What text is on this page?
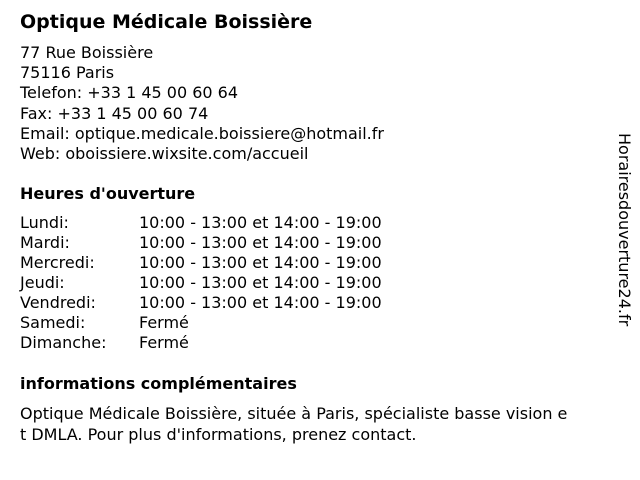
Optique Médicale Boissière
77 Rue Boissière
75116 Paris
Telefon: +33 1 45 00 60 64
Fax: +33 1 45 00 60 74
Email: optique.medicale.boissiere@hotmail.fr
Web: oboissiere.wixsite.com/accueil
Heures d'ouverture
Lundi:	10:00 - 13:00 et 14:00 - 19:00
Mardi:	10:00 - 13:00 et 14:00 - 19:00
Mercredi:	10:00 - 13:00 et 14:00 - 19:00
Jeudi:	10:00 - 13:00 et 14:00 - 19:00
Vendredi:	10:00 - 13:00 et 14:00 - 19:00
Samedi:	Fermé
Dimanche: Fermé
informations complémentaires
Optique Médicale Boissière, située à Paris, spécialiste basse vision e
t DMLA. Pour plus d'informations, prenez contact.
Horairesdouverture24.fr
